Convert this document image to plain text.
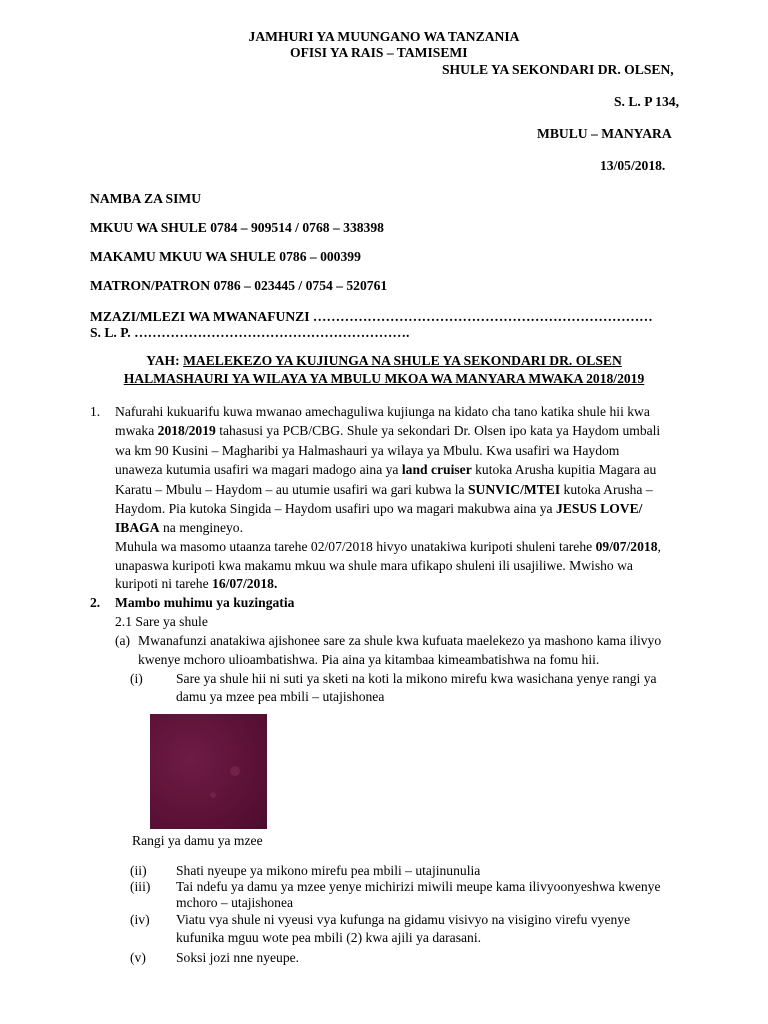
JAMHURI YA MUUNGANO WA TANZANIA
OFISI YA RAIS – TAMISEMI
SHULE YA SEKONDARI DR. OLSEN,
S. L. P 134,
MBULU – MANYARA
13/05/2018.
NAMBA ZA SIMU
MKUU WA SHULE 0784 – 909514 / 0768 – 338398
MAKAMU MKUU WA SHULE 0786 – 000399
MATRON/PATRON 0786 – 023445 / 0754 – 520761
MZAZI/MLEZI WA MWANAFUNZI …………………………………………………………………
S. L. P. …………………………………………………….
YAH: MAELEKEZO YA KUJIUNGA NA SHULE YA SEKONDARI DR. OLSEN
HALMASHAURI YA WILAYA YA MBULU MKOA WA MANYARA MWAKA 2018/2019
1. Nafurahi kukuarifu kuwa mwanao amechaguliwa kujiunga na kidato cha tano katika shule hii kwa
mwaka 2018/2019 tahasusi ya PCB/CBG. Shule ya sekondari Dr. Olsen ipo kata ya Haydom umbali
wa km 90 Kusini – Magharibi ya Halmashauri ya wilaya ya Mbulu. Kwa usafiri wa Haydom
unaweza kutumia usafiri wa magari madogo aina ya land cruiser kutoka Arusha kupitia Magara au
Karatu – Mbulu – Haydom – au utumie usafiri wa gari kubwa la SUNVIC/MTEI kutoka Arusha –
Haydom. Pia kutoka Singida – Haydom usafiri upo wa magari makubwa aina ya JESUS LOVE/
IBAGA na mengineyo.
Muhula wa masomo utaanza tarehe 02/07/2018 hivyo unatakiwa kuripoti shuleni tarehe 09/07/2018,
unapaswa kuripoti kwa makamu mkuu wa shule mara ufikapo shuleni ili usajiliwe. Mwisho wa
kuripoti ni tarehe 16/07/2018.
2. Mambo muhimu ya kuzingatia
2.1 Sare ya shule
(a) Mwanafunzi anatakiwa ajishonee sare za shule kwa kufuata maelekezo ya mashono kama ilivyo
kwenye mchoro ulioambatishwa. Pia aina ya kitambaa kimeambatishwa na fomu hii.
(i) Sare ya shule hii ni suti ya sketi na koti la mikono mirefu kwa wasichana yenye rangi ya
damu ya mzee pea mbili – utajishonea
Rangi ya damu ya mzee
(ii) Shati nyeupe ya mikono mirefu pea mbili – utajinunulia
(iii) Tai ndefu ya damu ya mzee yenye michirizi miwili meupe kama ilivyoonyeshwa kwenye
mchoro – utajishonea
(iv) Viatu vya shule ni vyeusi vya kufunga na gidamu visivyo na visigino virefu vyenye
kufunika mguu wote pea mbili (2) kwa ajili ya darasani.
(v) Soksi jozi nne nyeupe.
